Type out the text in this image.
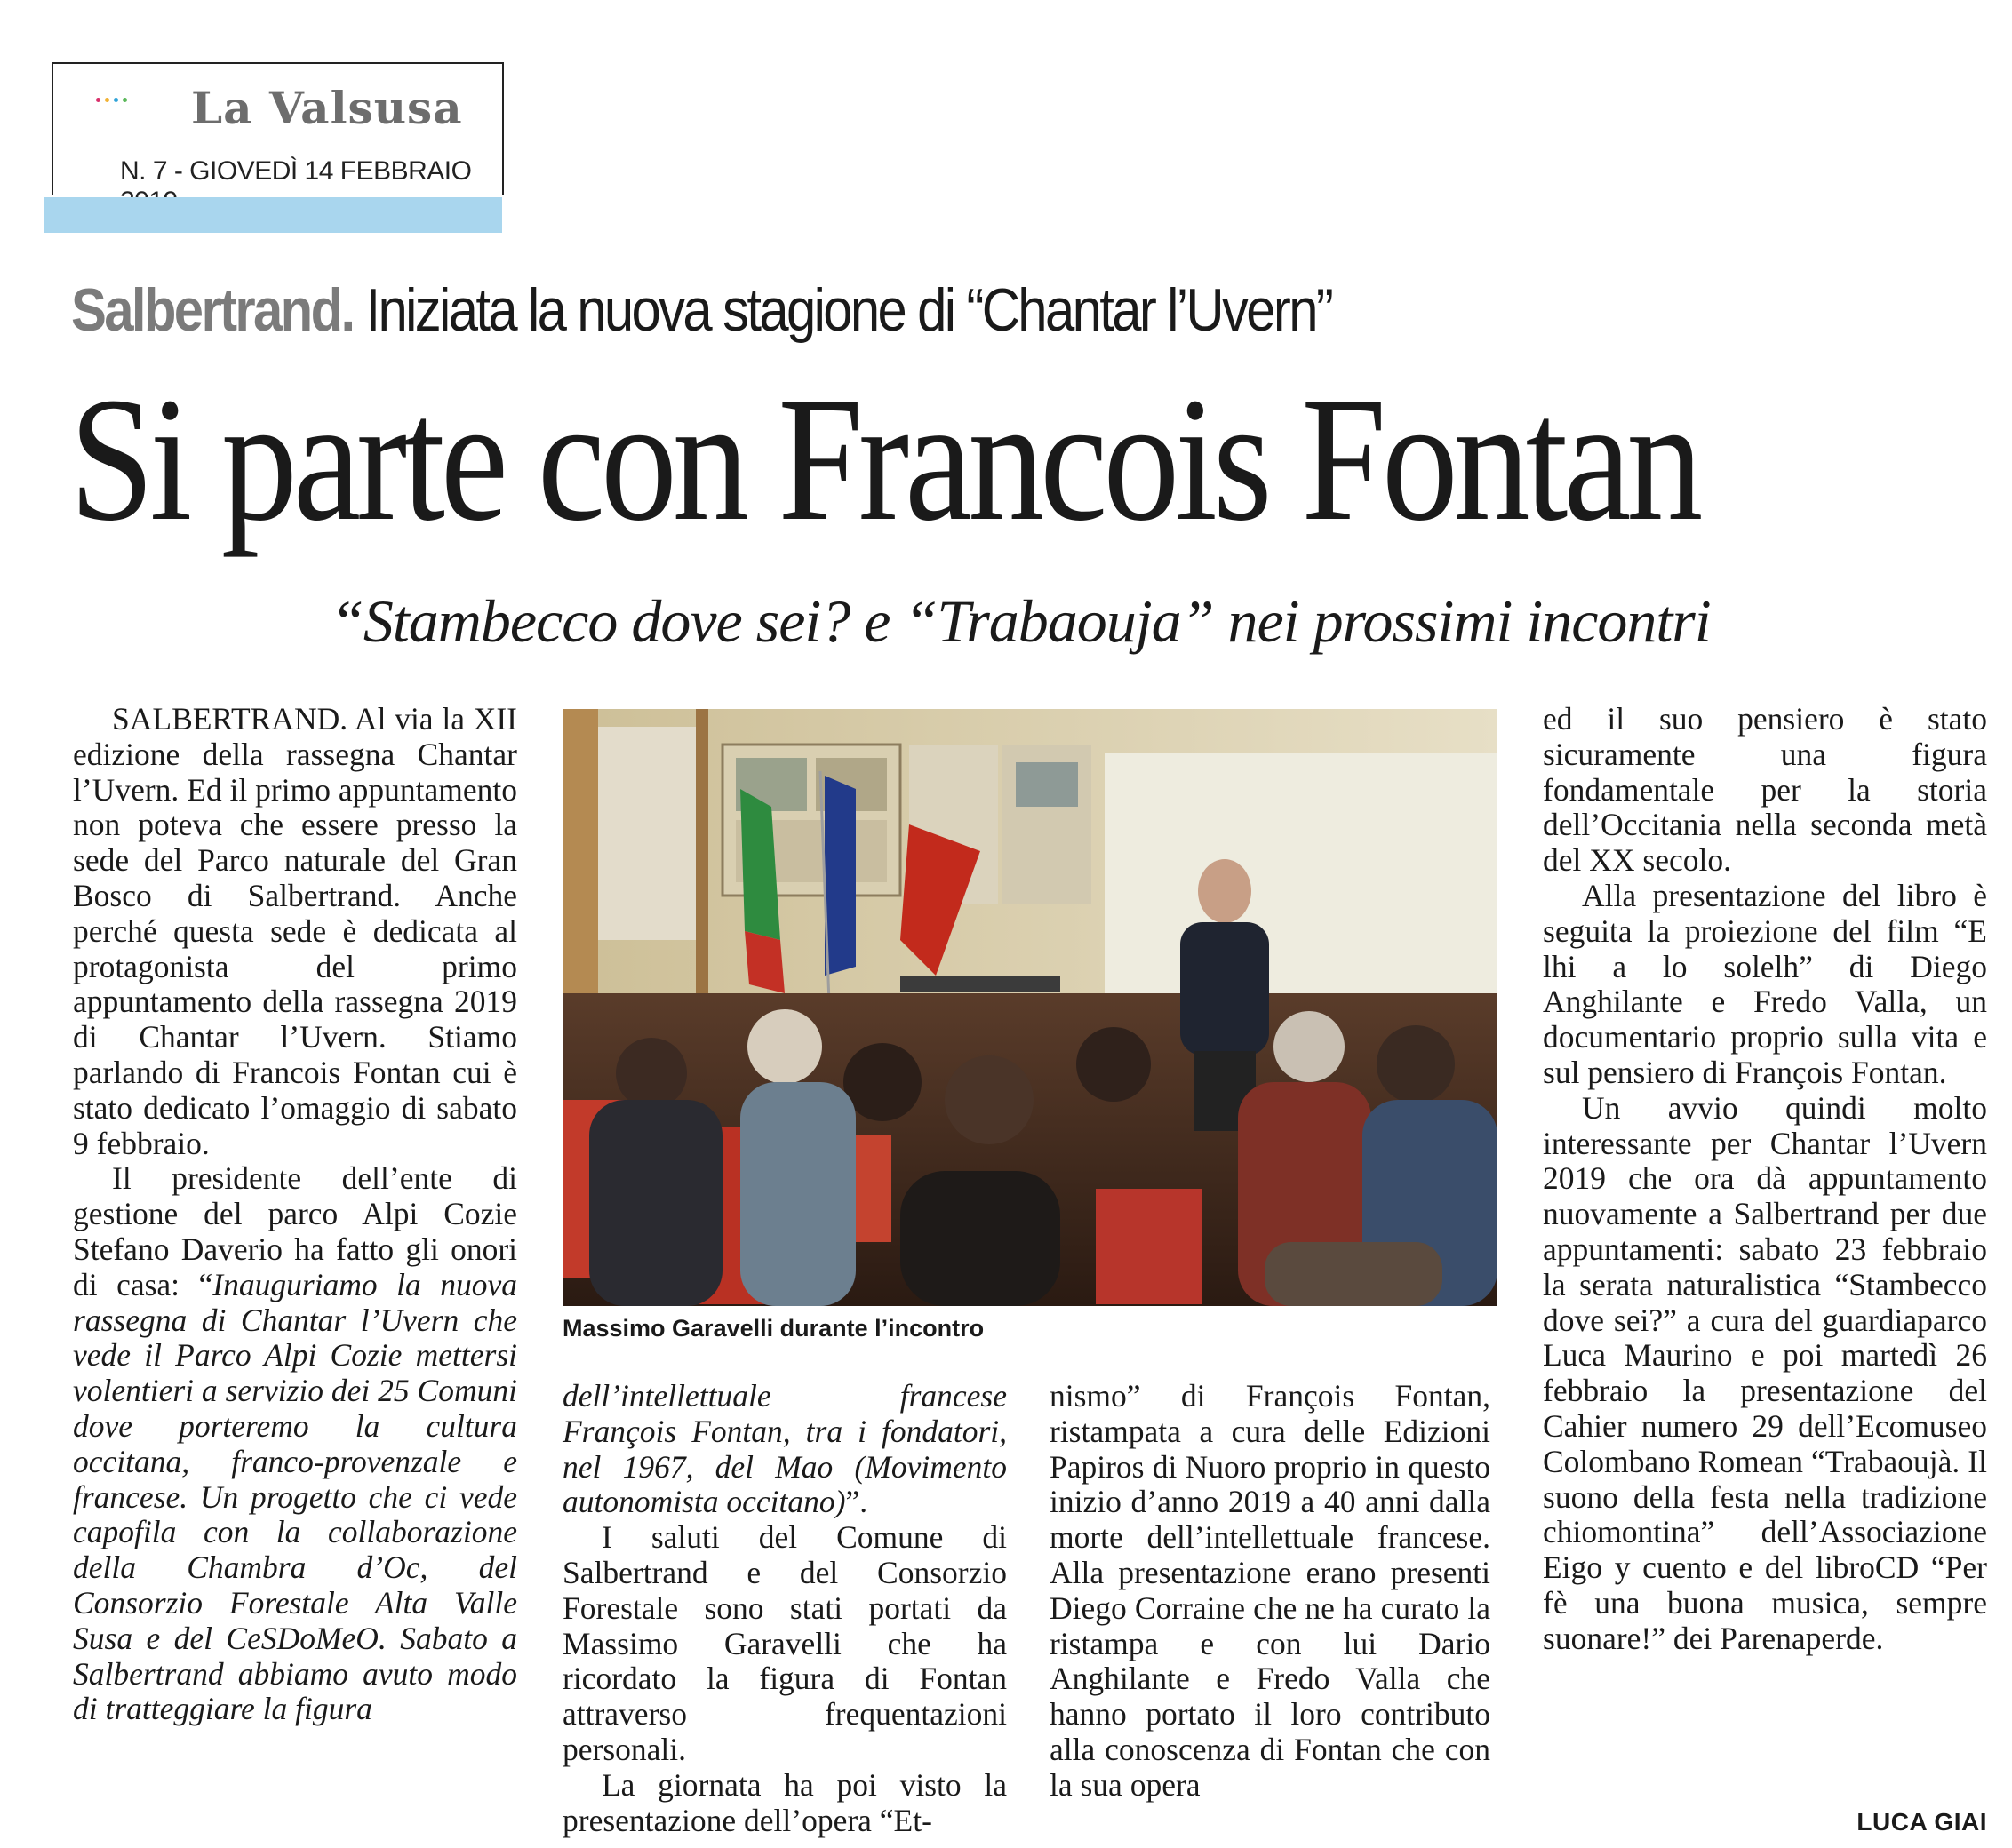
La Valsusa
N. 7 - GIOVEDÌ 14 FEBBRAIO
Salbertrand. Iniziata la nuova stagione di “Chantar l’Uvern”
Si parte con Francois Fontan
“Stambecco dove sei? e “Trabaouja” nei prossimi incontri

SALBERTRAND. Al via la XII edizione della rassegna Chantar l’Uvern. Ed il primo appuntamento non poteva che essere presso la sede del Parco naturale del Gran Bosco di Salbertrand. Anche perché questa sede è dedicata al protagonista del primo appuntamento della rassegna 2019 di Chantar l’Uvern. Stiamo parlando di Francois Fontan cui è stato dedicato l’omaggio di sabato 9 febbraio.

Il presidente dell’ente di gestione del parco Alpi Cozie Stefano Daverio ha fatto gli onori di casa: “Inauguriamo la nuova rassegna di Chantar l’Uvern che vede il Parco Alpi Cozie mettersi volentieri a servizio dei 25 Comuni dove porteremo la cultura occitana, franco-provenzale e francese. Un progetto che ci vede capofila con la collaborazione della Chambra d’Oc, del Consorzio Forestale Alta Valle Susa e del CeSDoMeO. Sabato a Salbertrand abbiamo avuto modo di tratteggiare la figura

Massimo Garavelli durante l’incontro

dell’intellettuale francese François Fontan, tra i fondatori, nel 1967, del Mao (Movimento autonomista occitano)”.

I saluti del Comune di Salbertrand e del Consorzio Forestale sono stati portati da Massimo Garavelli che ha ricordato la figura di Fontan attraverso frequentazioni personali.

La giornata ha poi visto la presentazione dell’opera “Et-

nismo” di François Fontan, ristampata a cura delle Edizioni Papiros di Nuoro proprio in questo inizio d’anno 2019 a 40 anni dalla morte dell’intellettuale francese. Alla presentazione erano presenti Diego Corraine che ne ha curato la ristampa e con lui Dario Anghilante e Fredo Valla che hanno portato il loro contributo alla conoscenza di Fontan che con la sua opera

ed il suo pensiero è stato sicuramente una figura fondamentale per la storia dell’Occitania nella seconda metà del XX secolo.

Alla presentazione del libro è seguita la proiezione del film “E lhi a lo solelh” di Diego Anghilante e Fredo Valla, un documentario proprio sulla vita e sul pensiero di François Fontan.

Un avvio quindi molto interessante per Chantar l’Uvern 2019 che ora dà appuntamento nuovamente a Salbertrand per due appuntamenti: sabato 23 febbraio la serata naturalistica “Stambecco dove sei?” a cura del guardiaparco Luca Maurino e poi martedì 26 febbraio la presentazione del Cahier numero 29 dell’Ecomuseo Colombano Romean “Trabaoujà. Il suono della festa nella tradizione chiomontina” dell’Associazione Eigo y cuento e del libroCD “Per fè una buona musica, sempre suonare!” dei Parenaperde.

LUCA GIAI
